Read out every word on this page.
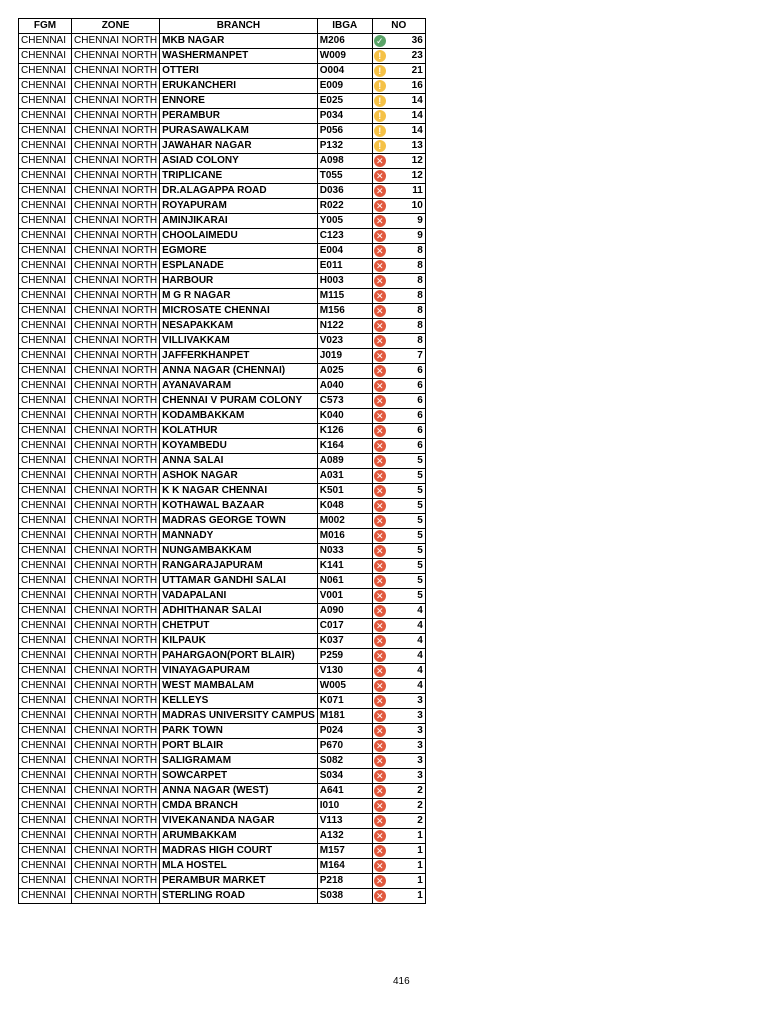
FGM	ZONE	BRANCH	IBGA	NO
CHENNAI	CHENNAI NORTH	MKB NAGAR	M206	✓ 36
CHENNAI	CHENNAI NORTH	WASHERMANPET	W009	! 23
CHENNAI	CHENNAI NORTH	OTTERI	O004	! 21
CHENNAI	CHENNAI NORTH	ERUKANCHERI	E009	! 16
CHENNAI	CHENNAI NORTH	ENNORE	E025	! 14
CHENNAI	CHENNAI NORTH	PERAMBUR	P034	! 14
CHENNAI	CHENNAI NORTH	PURASAWALKAM	P056	! 14
CHENNAI	CHENNAI NORTH	JAWAHAR NAGAR	P132	! 13
CHENNAI	CHENNAI NORTH	ASIAD COLONY	A098	✕ 12
CHENNAI	CHENNAI NORTH	TRIPLICANE	T055	✕ 12
CHENNAI	CHENNAI NORTH	DR.ALAGAPPA ROAD	D036	✕ 11
CHENNAI	CHENNAI NORTH	ROYAPURAM	R022	✕ 10
CHENNAI	CHENNAI NORTH	AMINJIKARAI	Y005	✕ 9
CHENNAI	CHENNAI NORTH	CHOOLAIMEDU	C123	✕ 9
CHENNAI	CHENNAI NORTH	EGMORE	E004	✕ 8
CHENNAI	CHENNAI NORTH	ESPLANADE	E011	✕ 8
CHENNAI	CHENNAI NORTH	HARBOUR	H003	✕ 8
CHENNAI	CHENNAI NORTH	M G R NAGAR	M115	✕ 8
CHENNAI	CHENNAI NORTH	MICROSATE CHENNAI	M156	✕ 8
CHENNAI	CHENNAI NORTH	NESAPAKKAM	N122	✕ 8
CHENNAI	CHENNAI NORTH	VILLIVAKKAM	V023	✕ 8
CHENNAI	CHENNAI NORTH	JAFFERKHANPET	J019	✕ 7
CHENNAI	CHENNAI NORTH	ANNA NAGAR (CHENNAI)	A025	✕ 6
CHENNAI	CHENNAI NORTH	AYANAVARAM	A040	✕ 6
CHENNAI	CHENNAI NORTH	CHENNAI V PURAM COLONY	C573	✕ 6
CHENNAI	CHENNAI NORTH	KODAMBAKKAM	K040	✕ 6
CHENNAI	CHENNAI NORTH	KOLATHUR	K126	✕ 6
CHENNAI	CHENNAI NORTH	KOYAMBEDU	K164	✕ 6
CHENNAI	CHENNAI NORTH	ANNA SALAI	A089	✕ 5
CHENNAI	CHENNAI NORTH	ASHOK NAGAR	A031	✕ 5
CHENNAI	CHENNAI NORTH	K K NAGAR CHENNAI	K501	✕ 5
CHENNAI	CHENNAI NORTH	KOTHAWAL BAZAAR	K048	✕ 5
CHENNAI	CHENNAI NORTH	MADRAS GEORGE TOWN	M002	✕ 5
CHENNAI	CHENNAI NORTH	MANNADY	M016	✕ 5
CHENNAI	CHENNAI NORTH	NUNGAMBAKKAM	N033	✕ 5
CHENNAI	CHENNAI NORTH	RANGARAJAPURAM	K141	✕ 5
CHENNAI	CHENNAI NORTH	UTTAMAR GANDHI SALAI	N061	✕ 5
CHENNAI	CHENNAI NORTH	VADAPALANI	V001	✕ 5
CHENNAI	CHENNAI NORTH	ADHITHANAR SALAI	A090	✕ 4
CHENNAI	CHENNAI NORTH	CHETPUT	C017	✕ 4
CHENNAI	CHENNAI NORTH	KILPAUK	K037	✕ 4
CHENNAI	CHENNAI NORTH	PAHARGAON(PORT BLAIR)	P259	✕ 4
CHENNAI	CHENNAI NORTH	VINAYAGAPURAM	V130	✕ 4
CHENNAI	CHENNAI NORTH	WEST MAMBALAM	W005	✕ 4
CHENNAI	CHENNAI NORTH	KELLEYS	K071	✕ 3
CHENNAI	CHENNAI NORTH	MADRAS UNIVERSITY CAMPUS	M181	✕ 3
CHENNAI	CHENNAI NORTH	PARK TOWN	P024	✕ 3
CHENNAI	CHENNAI NORTH	PORT BLAIR	P670	✕ 3
CHENNAI	CHENNAI NORTH	SALIGRAMAM	S082	✕ 3
CHENNAI	CHENNAI NORTH	SOWCARPET	S034	✕ 3
CHENNAI	CHENNAI NORTH	ANNA NAGAR (WEST)	A641	✕ 2
CHENNAI	CHENNAI NORTH	CMDA BRANCH	I010	✕ 2
CHENNAI	CHENNAI NORTH	VIVEKANANDA NAGAR	V113	✕ 2
CHENNAI	CHENNAI NORTH	ARUMBAKKAM	A132	✕ 1
CHENNAI	CHENNAI NORTH	MADRAS HIGH COURT	M157	✕ 1
CHENNAI	CHENNAI NORTH	MLA HOSTEL	M164	✕ 1
CHENNAI	CHENNAI NORTH	PERAMBUR MARKET	P218	✕ 1
CHENNAI	CHENNAI NORTH	STERLING ROAD	S038	✕ 1
416
